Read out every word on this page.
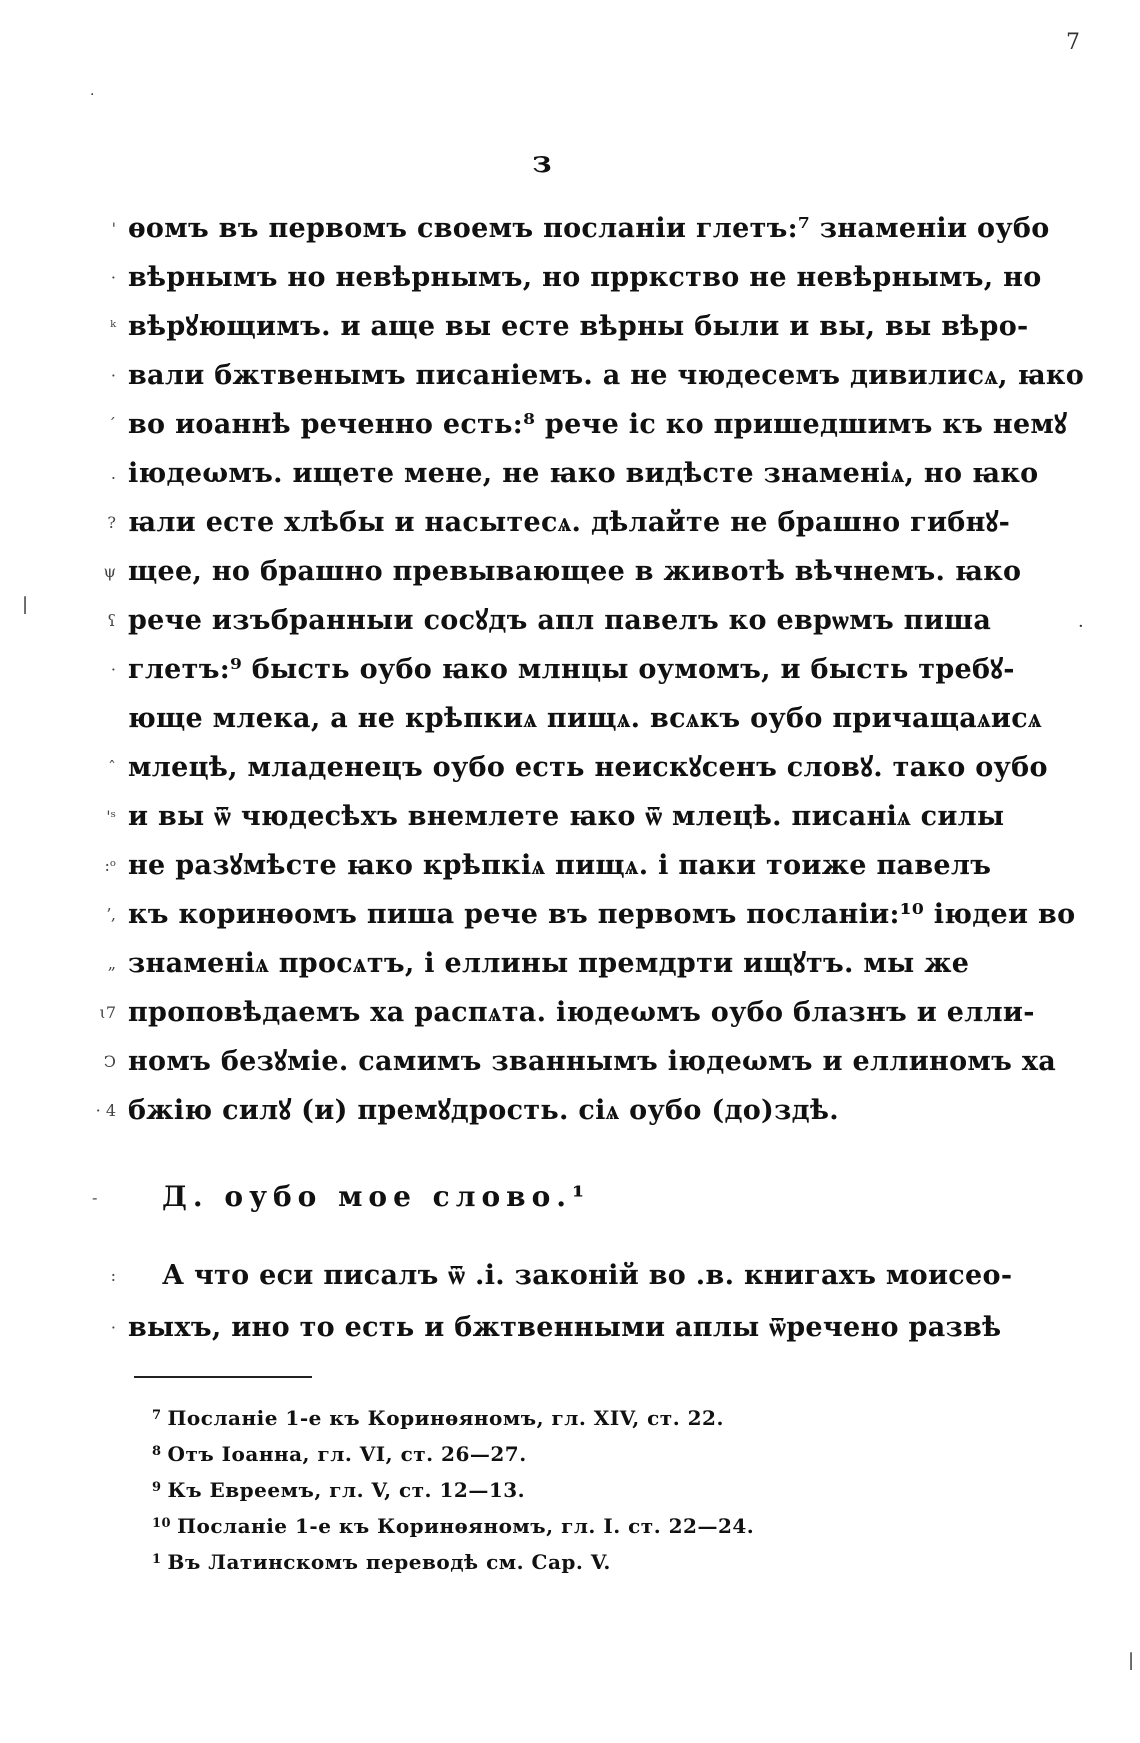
з
7
·
|
·
|
'
·
ᵏ
·
´
.
?
ψ
ʕ
·
ˆ
'ˢ
:ᵒ
ʼ,
„
ɩ7
Ↄ
· 4
ѳомъ въ первомъ своемъ посланіи глетъ:⁷ знаменіи оубо
вѣрнымъ но невѣрнымъ, но прркство не невѣрнымъ, но
вѣрꙋющимъ. и аще вы есте вѣрны были и вы, вы вѣро-
вали бжтвенымъ писаніемъ. а не чюдесемъ дивилисѧ, ꙗко
во иоаннѣ реченно есть:⁸ рече іс ко пришедшимъ къ немꙋ
іюдеωмъ. ищете мене, не ꙗко видѣсте знаменіѧ, но ꙗко
ꙗли есте хлѣбы и насытесѧ. дѣлайте не брашно гибнꙋ-
щее, но брашно превывающее в животѣ вѣчнемъ. ꙗко
рече изъбранныи сосꙋдъ апл павелъ ко еврѡмъ пиша
глетъ:⁹ бысть оубо ꙗко млнцы оумомъ, и бысть требꙋ-
юще млека, а не крѣпкиѧ пищѧ. всѧкъ оубо причащаѧисѧ
млецѣ, младенецъ оубо есть неискꙋсенъ словꙋ. тако оубо
и вы ѿ чюдесѣхъ внемлете ꙗко ѿ млецѣ. писаніѧ силы
не разꙋмѣсте ꙗко крѣпкіѧ пищѧ. і паки тоиже павелъ
къ коринѳомъ пиша рече въ первомъ посланіи:¹⁰ іюдеи во
знаменіѧ просѧтъ, і еллины премдрти ищꙋтъ. мы же
проповѣдаемъ ха распѧта. іюдеωмъ оубо блазнъ и елли-
номъ безꙋміе. самимъ званнымъ іюдеωмъ и еллиномъ ха
бжію силꙋ (и) премꙋдрость. сіѧ оубо (до)здѣ.
- Д. оубо мое слово.¹
:
·
А что еси писалъ ѿ .і. законій во .в. книгахъ моисео-
выхъ, ино то есть и бжтвенными аплы ѿречено развѣ
$^7$ Посланіе 1-е къ Коринѳяномъ, гл. XIV, ст. 22.
$^8$ Отъ Іоанна, гл. VI, ст. 26—27.
$^9$ Къ Евреемъ, гл. V, ст. 12—13.
$^{10}$ Посланіе 1-е къ Коринѳяномъ, гл. I. ст. 22—24.
$^1$ Въ Латинскомъ переводѣ см. Cap. V.
